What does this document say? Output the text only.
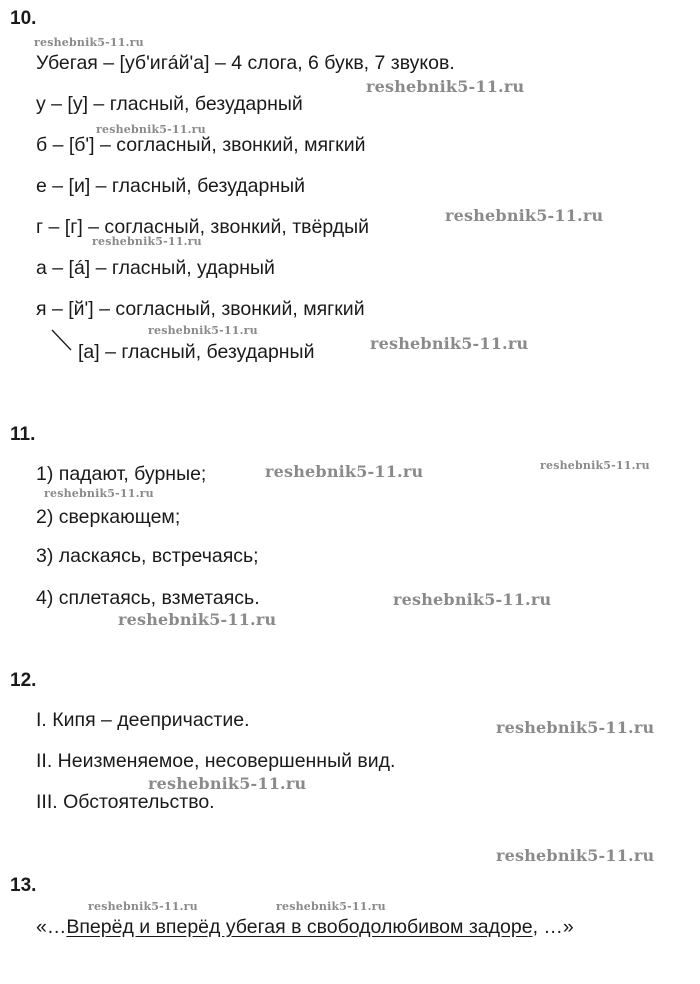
10.
Убегая – [уб'игáй'а] – 4 слога, 6 букв, 7 звуков.
у – [у] – гласный, безударный
б – [б'] – согласный, звонкий, мягкий
е – [и] – гласный, безударный
г – [г] – согласный, звонкий, твёрдый
а – [á] – гласный, ударный
я – [й'] – согласный, звонкий, мягкий
[а] – гласный, безударный
11.
1) падают, бурные;
2) сверкающем;
3) ласкаясь, встречаясь;
4) сплетаясь, взметаясь.
12.
I. Кипя – деепричастие.
II. Неизменяемое, несовершенный вид.
III. Обстоятельство.
13.
«…Вперёд и вперёд убегая в свободолюбивом задоре, …»
reshebnik5-11.ru
reshebnik5-11.ru
reshebnik5-11.ru
reshebnik5-11.ru
reshebnik5-11.ru
reshebnik5-11.ru
reshebnik5-11.ru
reshebnik5-11.ru	reshebnik5-11.ru
reshebnik5-11.ru
reshebnik5-11.ru
reshebnik5-11.ru
reshebnik5-11.ru
reshebnik5-11.ru
reshebnik5-11.ru
reshebnik5-11.ru	reshebnik5-11.ru
